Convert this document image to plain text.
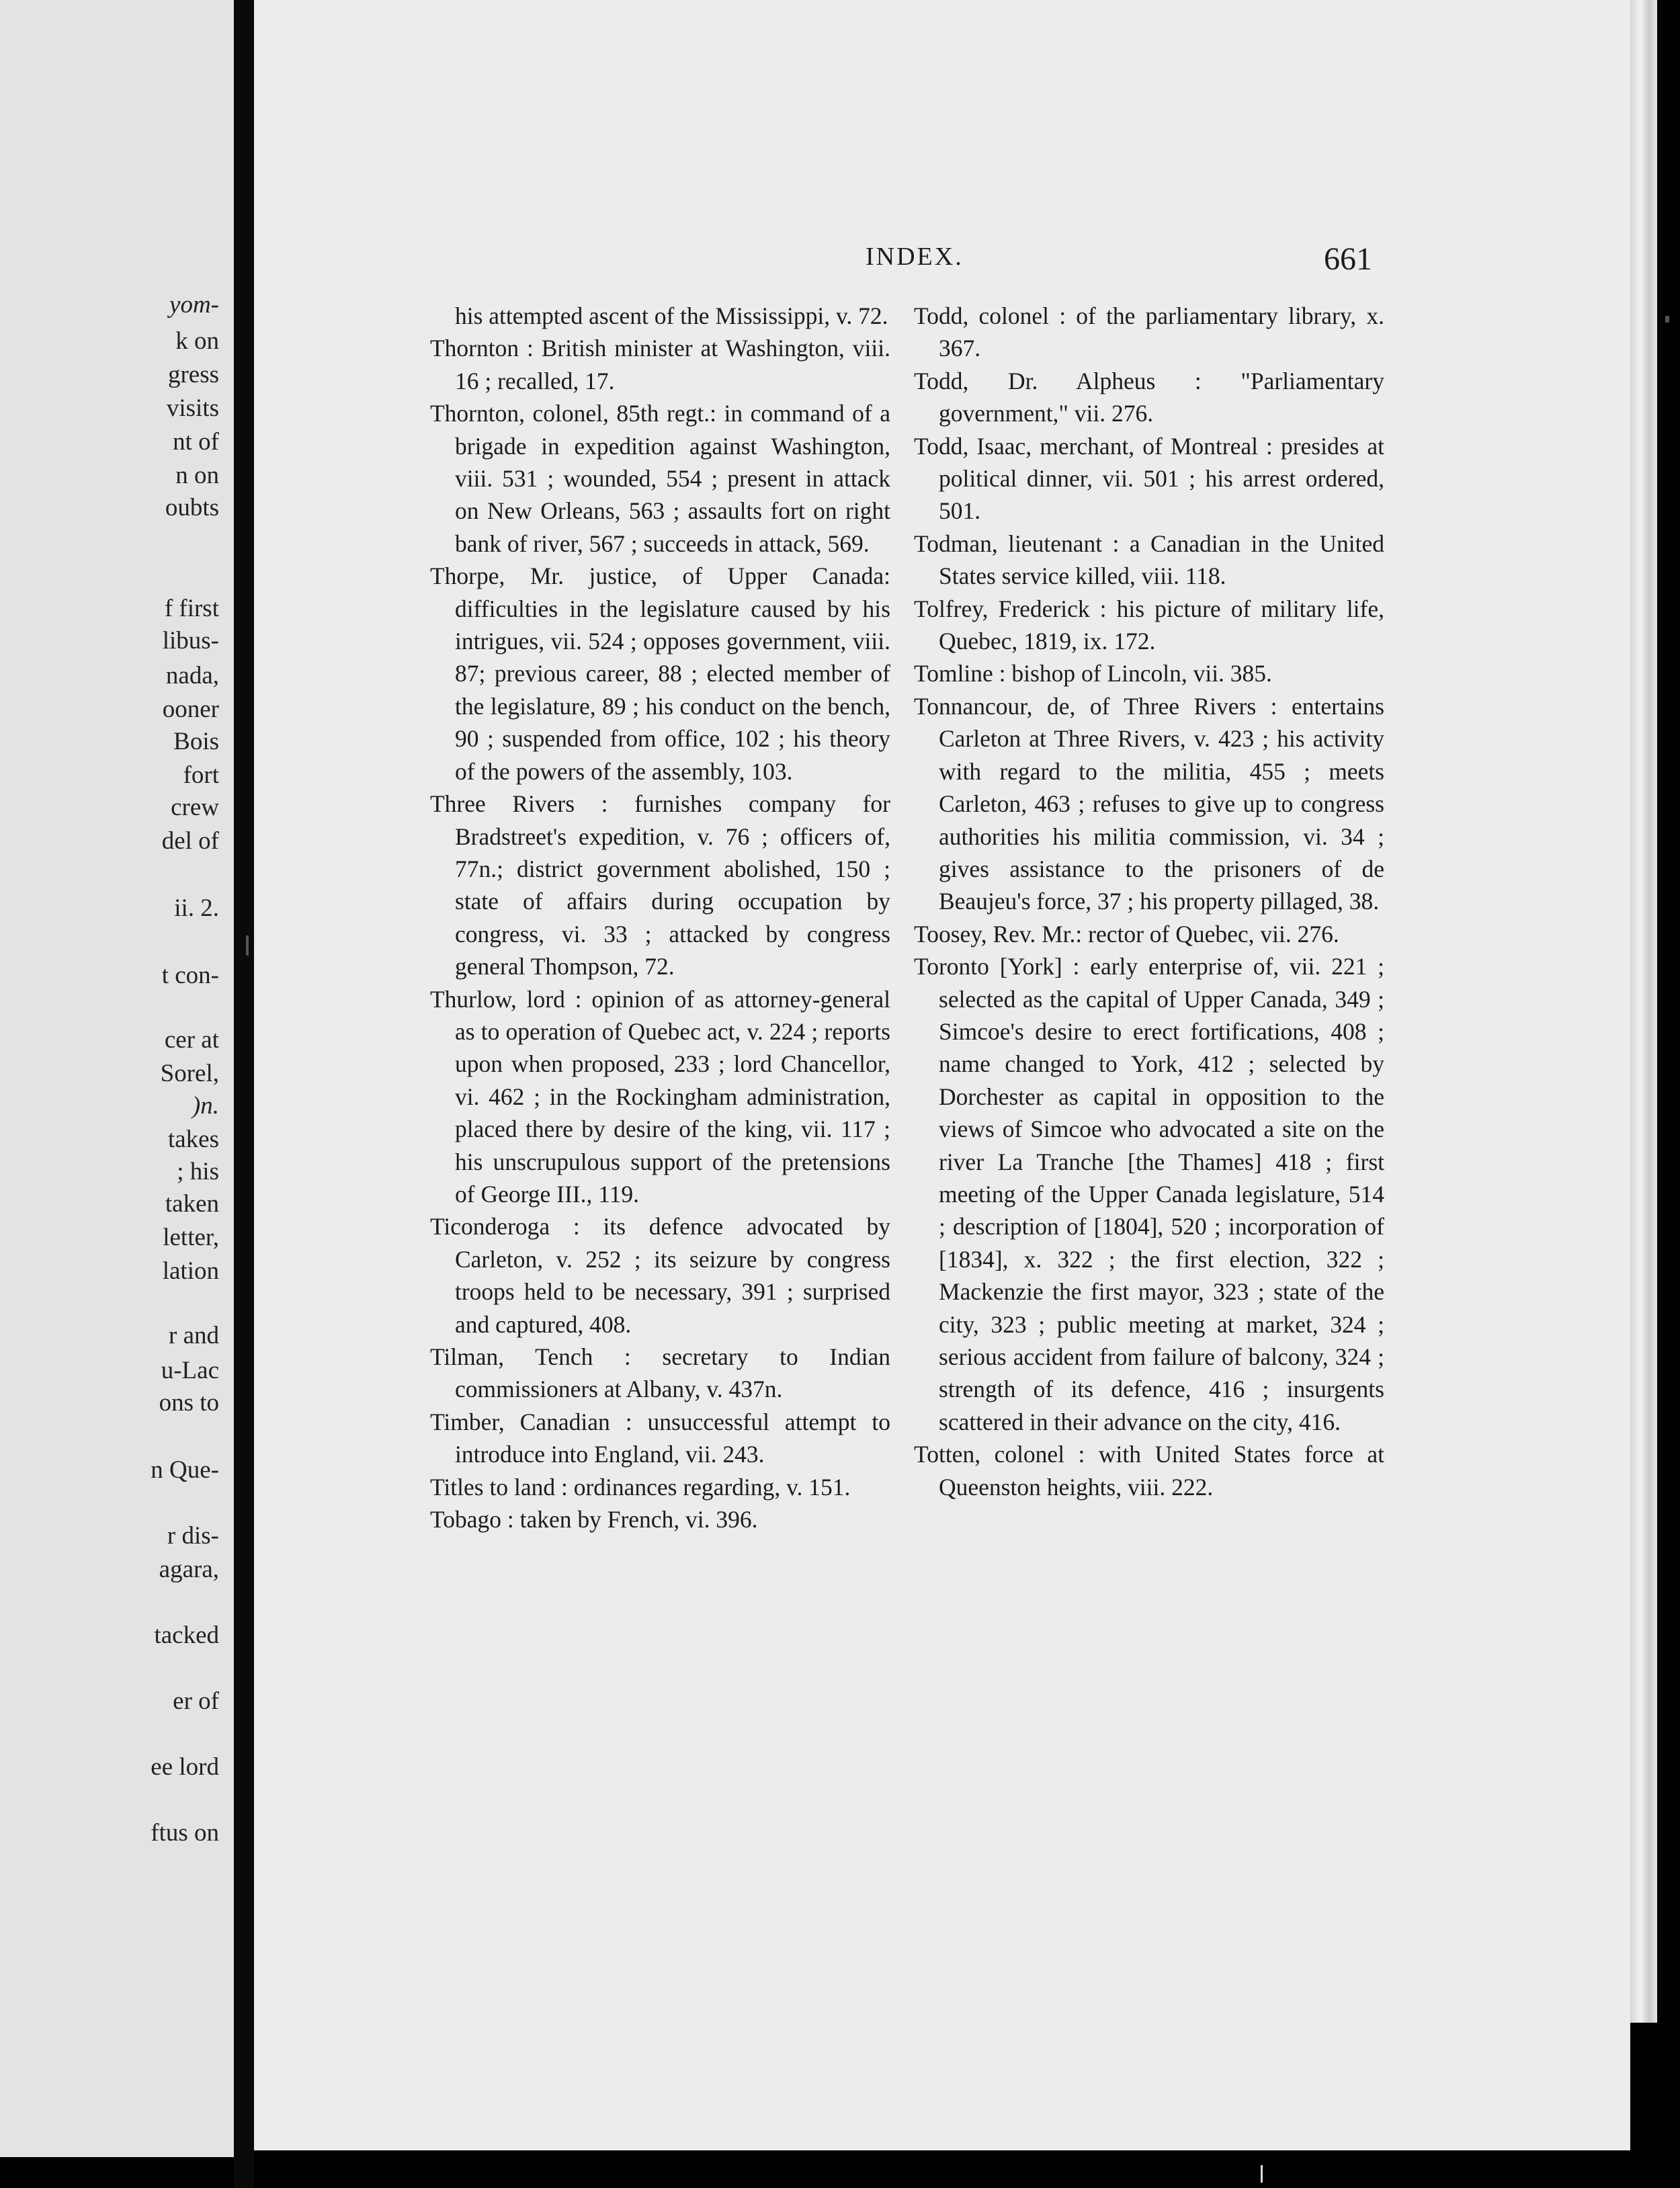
yom-
k on
gress
visits
nt of
n on
oubts
f first
libus-
nada,
ooner
Bois
fort
crew
del of
ii. 2.
t con-
cer at
Sorel,
)n.
takes
; his
taken
letter,
lation
r and
u-Lac
ons to
n Que-
r dis-
agara,
tacked
er of
ee lord
ftus on
INDEX.	661

his attempted ascent of the Mississippi, v. 72.

Thornton : British minister at Washington, viii. 16 ; recalled, 17.

Thornton, colonel, 85th regt.: in command of a brigade in expedition against Washington, viii. 531 ; wounded, 554 ; present in attack on New Orleans, 563 ; assaults fort on right bank of river, 567 ; succeeds in attack, 569.

Thorpe, Mr. justice, of Upper Canada: difficulties in the legislature caused by his intrigues, vii. 524 ; opposes government, viii. 87; previous career, 88 ; elected member of the legislature, 89 ; his conduct on the bench, 90 ; suspended from office, 102 ; his theory of the powers of the assembly, 103.

Three Rivers : furnishes company for Bradstreet's expedition, v. 76 ; officers of, 77n.; district government abolished, 150 ; state of affairs during occupation by congress, vi. 33 ; attacked by congress general Thompson, 72.

Thurlow, lord : opinion of as attorney-general as to operation of Quebec act, v. 224 ; reports upon when proposed, 233 ; lord Chancellor, vi. 462 ; in the Rockingham administration, placed there by desire of the king, vii. 117 ; his unscrupulous support of the pretensions of George III., 119.

Ticonderoga : its defence advocated by Carleton, v. 252 ; its seizure by congress troops held to be necessary, 391 ; surprised and captured, 408.

Tilman, Tench : secretary to Indian commissioners at Albany, v. 437n.

Timber, Canadian : unsuccessful attempt to introduce into England, vii. 243.

Titles to land : ordinances regarding, v. 151.

Tobago : taken by French, vi. 396.

Todd, colonel : of the parliamentary library, x. 367.

Todd, Dr. Alpheus : "Parliamentary government," vii. 276.

Todd, Isaac, merchant, of Montreal : presides at political dinner, vii. 501 ; his arrest ordered, 501.

Todman, lieutenant : a Canadian in the United States service killed, viii. 118.

Tolfrey, Frederick : his picture of military life, Quebec, 1819, ix. 172.

Tomline : bishop of Lincoln, vii. 385.

Tonnancour, de, of Three Rivers : entertains Carleton at Three Rivers, v. 423 ; his activity with regard to the militia, 455 ; meets Carleton, 463 ; refuses to give up to congress authorities his militia commission, vi. 34 ; gives assistance to the prisoners of de Beaujeu's force, 37 ; his property pillaged, 38.

Toosey, Rev. Mr.: rector of Quebec, vii. 276.

Toronto [York] : early enterprise of, vii. 221 ; selected as the capital of Upper Canada, 349 ; Simcoe's desire to erect fortifications, 408 ; name changed to York, 412 ; selected by Dorchester as capital in opposition to the views of Simcoe who advocated a site on the river La Tranche [the Thames] 418 ; first meeting of the Upper Canada legislature, 514 ; description of [1804], 520 ; incorporation of [1834], x. 322 ; the first election, 322 ; Mackenzie the first mayor, 323 ; state of the city, 323 ; public meeting at market, 324 ; serious accident from failure of balcony, 324 ; strength of its defence, 416 ; insurgents scattered in their advance on the city, 416.

Totten, colonel : with United States force at Queenston heights, viii. 222.
